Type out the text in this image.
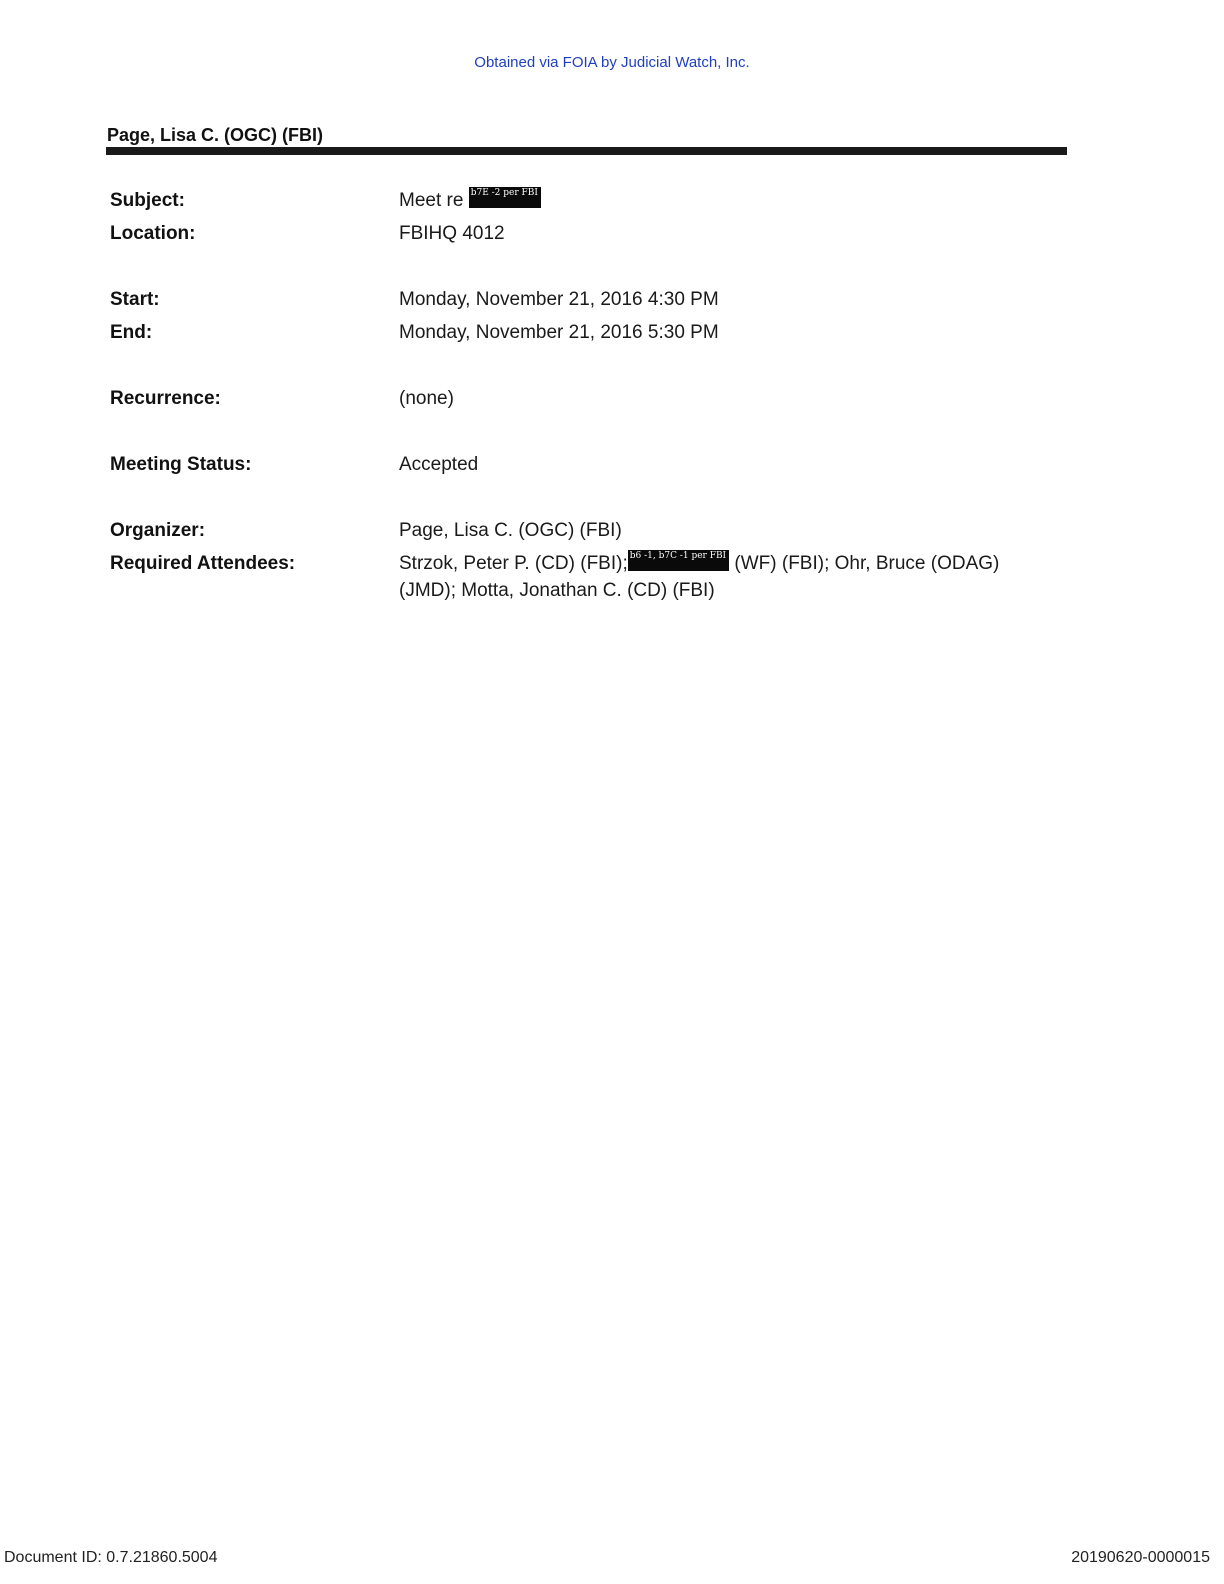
Obtained via FOIA by Judicial Watch, Inc.
Page, Lisa C. (OGC) (FBI)
Subject:	Meet re b7E -2 per FBI
Location:	FBIHQ 4012
Start:	Monday, November 21, 2016 4:30 PM
End:	Monday, November 21, 2016 5:30 PM
Recurrence:	(none)
Meeting Status:	Accepted
Organizer:	Page, Lisa C. (OGC) (FBI)
Required Attendees:	Strzok, Peter P. (CD) (FBI); b6 -1, b7C -1 per FBI (WF) (FBI); Ohr, Bruce (ODAG) (JMD); Motta, Jonathan C. (CD) (FBI)
Document ID: 0.7.21860.5004	20190620-0000015
